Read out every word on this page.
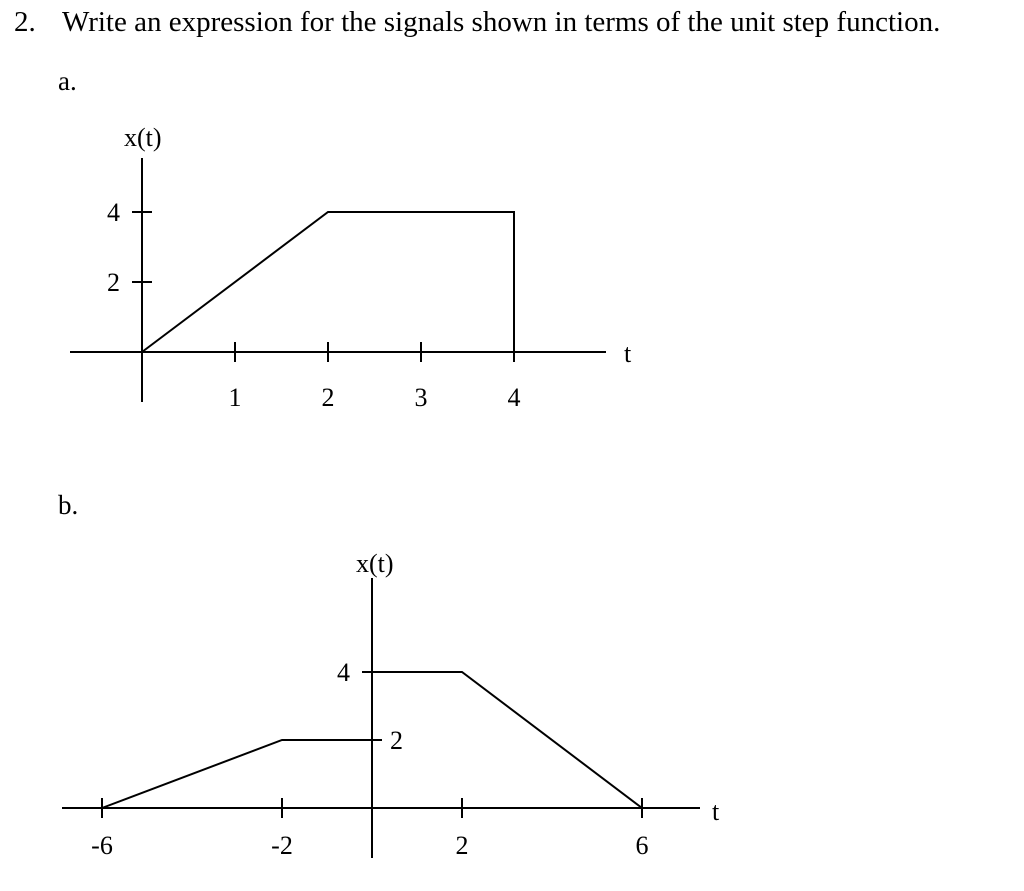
2. Write an expression for the signals shown in terms of the unit step function.

a.

1	2	3	4
2
4
x(t)
t

b.

-6	-2	2	6
2
4
x(t)
t
